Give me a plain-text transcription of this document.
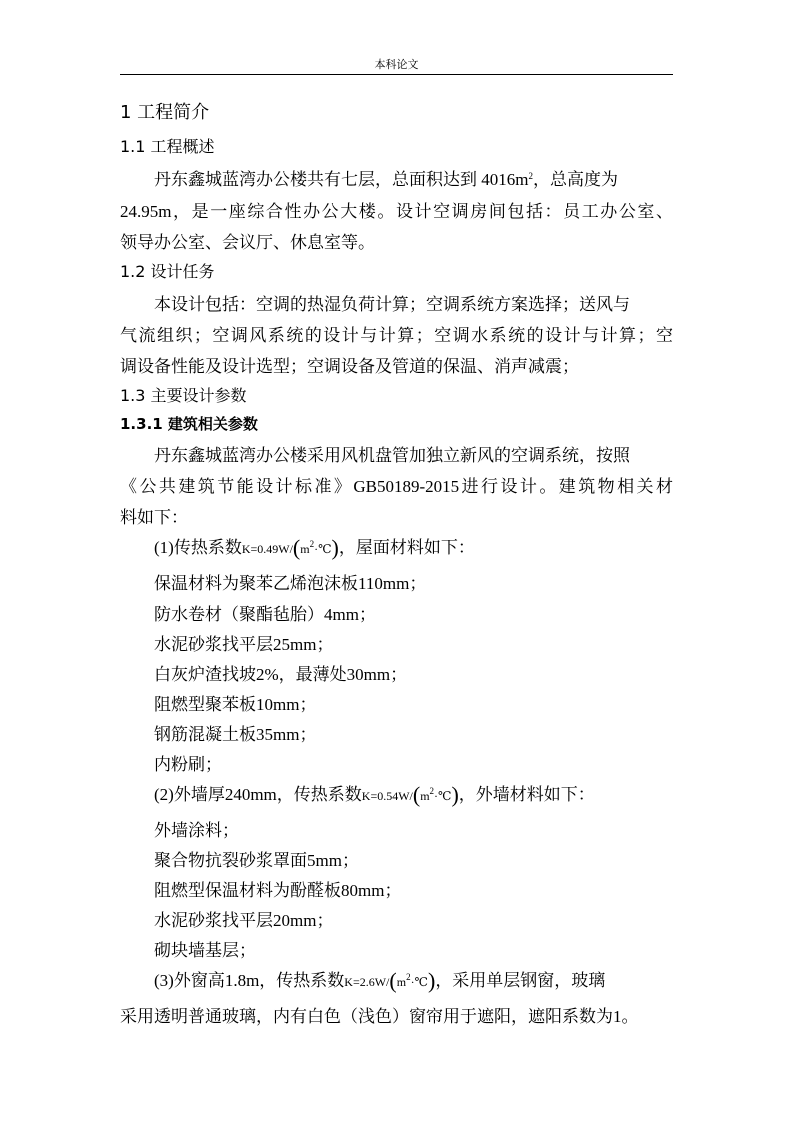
本科论文
1 工程简介
1.1 工程概述
丹东鑫城蓝湾办公楼共有七层，总面积达到 $4016m^2$，总高度为
24.95m，是一座综合性办公大楼。设计空调房间包括：员工办公室、
领导办公室、会议厅、休息室等。
1.2 设计任务
本设计包括：空调的热湿负荷计算；空调系统方案选择；送风与
气流组织；空调风系统的设计与计算；空调水系统的设计与计算；空
调设备性能及设计选型；空调设备及管道的保温、消声减震；
1.3 主要设计参数
1.3.1 建筑相关参数
丹东鑫城蓝湾办公楼采用风机盘管加独立新风的空调系统，按照
《公共建筑节能设计标准》GB50189-2015进行设计。建筑物相关材
料如下：
(1)传热系数$K=0.49W/(m^2\cdot℃)$，屋面材料如下：
保温材料为聚苯乙烯泡沫板110mm；
防水卷材（聚酯毡胎）4mm；
水泥砂浆找平层25mm；
白灰炉渣找坡2%，最薄处30mm；
阻燃型聚苯板10mm；
钢筋混凝土板35mm；
内粉刷；
(2)外墙厚240mm，传热系数$K=0.54W/(m^2\cdot℃)$，外墙材料如下：
外墙涂料；
聚合物抗裂砂浆罩面5mm；
阻燃型保温材料为酚醛板80mm；
水泥砂浆找平层20mm；
砌块墙基层；
(3)外窗高1.8m，传热系数$K=2.6W/(m^2\cdot℃)$，采用单层钢窗，玻璃
采用透明普通玻璃，内有白色（浅色）窗帘用于遮阳，遮阳系数为1。
